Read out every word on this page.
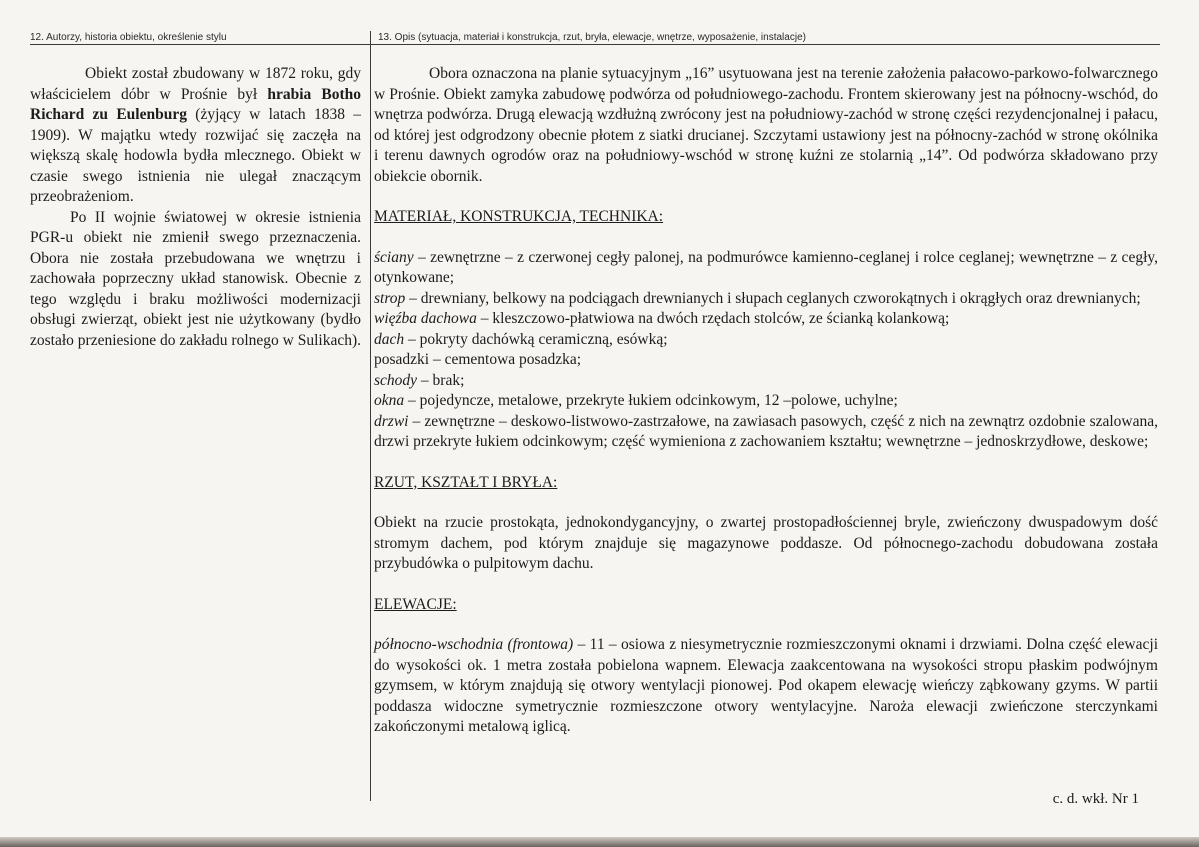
12. Autorzy, historia obiektu, określenie stylu	13. Opis (sytuacja, materiał i konstrukcja, rzut, bryła, elewacje, wnętrze, wyposażenie, instalacje)

Obiekt został zbudowany w 1872 roku, gdy właścicielem dóbr w Prośnie był hrabia Botho Richard zu Eulenburg (żyjący w latach 1838 – 1909). W majątku wtedy rozwijać się zaczęła na większą skalę hodowla bydła mlecznego. Obiekt w czasie swego istnienia nie ulegał znaczącym przeobrażeniom.

Po II wojnie światowej w okresie istnienia PGR-u obiekt nie zmienił swego przeznaczenia. Obora nie została przebudowana we wnętrzu i zachowała poprzeczny układ stanowisk. Obecnie z tego względu i braku możliwości modernizacji obsługi zwierząt, obiekt jest nie użytkowany (bydło zostało przeniesione do zakładu rolnego w Sulikach).

Obora oznaczona na planie sytuacyjnym „16” usytuowana jest na terenie założenia pałacowo-parkowo-folwarcznego w Prośnie. Obiekt zamyka zabudowę podwórza od południowego-zachodu. Frontem skierowany jest na północny-wschód, do wnętrza podwórza. Drugą elewacją wzdłużną zwrócony jest na południowy-zachód w stronę części rezydencjonalnej i pałacu, od której jest odgrodzony obecnie płotem z siatki drucianej. Szczytami ustawiony jest na północny-zachód w stronę okólnika i terenu dawnych ogrodów oraz na południowy-wschód w stronę kuźni ze stolarnią „14”. Od podwórza składowano przy obiekcie obornik.

MATERIAŁ, KONSTRUKCJA, TECHNIKA:

ściany – zewnętrzne – z czerwonej cegły palonej, na podmurówce kamienno-ceglanej i rolce ceglanej; wewnętrzne – z cegły, otynkowane;

strop – drewniany, belkowy na podciągach drewnianych i słupach ceglanych czworokątnych i okrągłych oraz drewnianych;

więźba dachowa – kleszczowo-płatwiowa na dwóch rzędach stolców, ze ścianką kolankową;

dach – pokryty dachówką ceramiczną, esówką;

posadzki – cementowa posadzka;

schody – brak;

okna – pojedyncze, metalowe, przekryte łukiem odcinkowym, 12 –polowe, uchylne;

drzwi – zewnętrzne – deskowo-listwowo-zastrzałowe, na zawiasach pasowych, część z nich na zewnątrz ozdobnie szalowana, drzwi przekryte łukiem odcinkowym; część wymieniona z zachowaniem kształtu; wewnętrzne – jednoskrzydłowe, deskowe;

RZUT, KSZTAŁT I BRYŁA:

Obiekt na rzucie prostokąta, jednokondygancyjny, o zwartej prostopadłościennej bryle, zwieńczony dwuspadowym dość stromym dachem, pod którym znajduje się magazynowe poddasze. Od północnego-zachodu dobudowana została przybudówka o pulpitowym dachu.

ELEWACJE:

północno-wschodnia (frontowa) – 11 – osiowa z niesymetrycznie rozmieszczonymi oknami i drzwiami. Dolna część elewacji do wysokości ok. 1 metra została pobielona wapnem. Elewacja zaakcentowana na wysokości stropu płaskim podwójnym gzymsem, w którym znajdują się otwory wentylacji pionowej. Pod okapem elewację wieńczy ząbkowany gzyms. W partii poddasza widoczne symetrycznie rozmieszczone otwory wentylacyjne. Naroża elewacji zwieńczone sterczynkami zakończonymi metalową iglicą.

c. d. wkł. Nr 1
